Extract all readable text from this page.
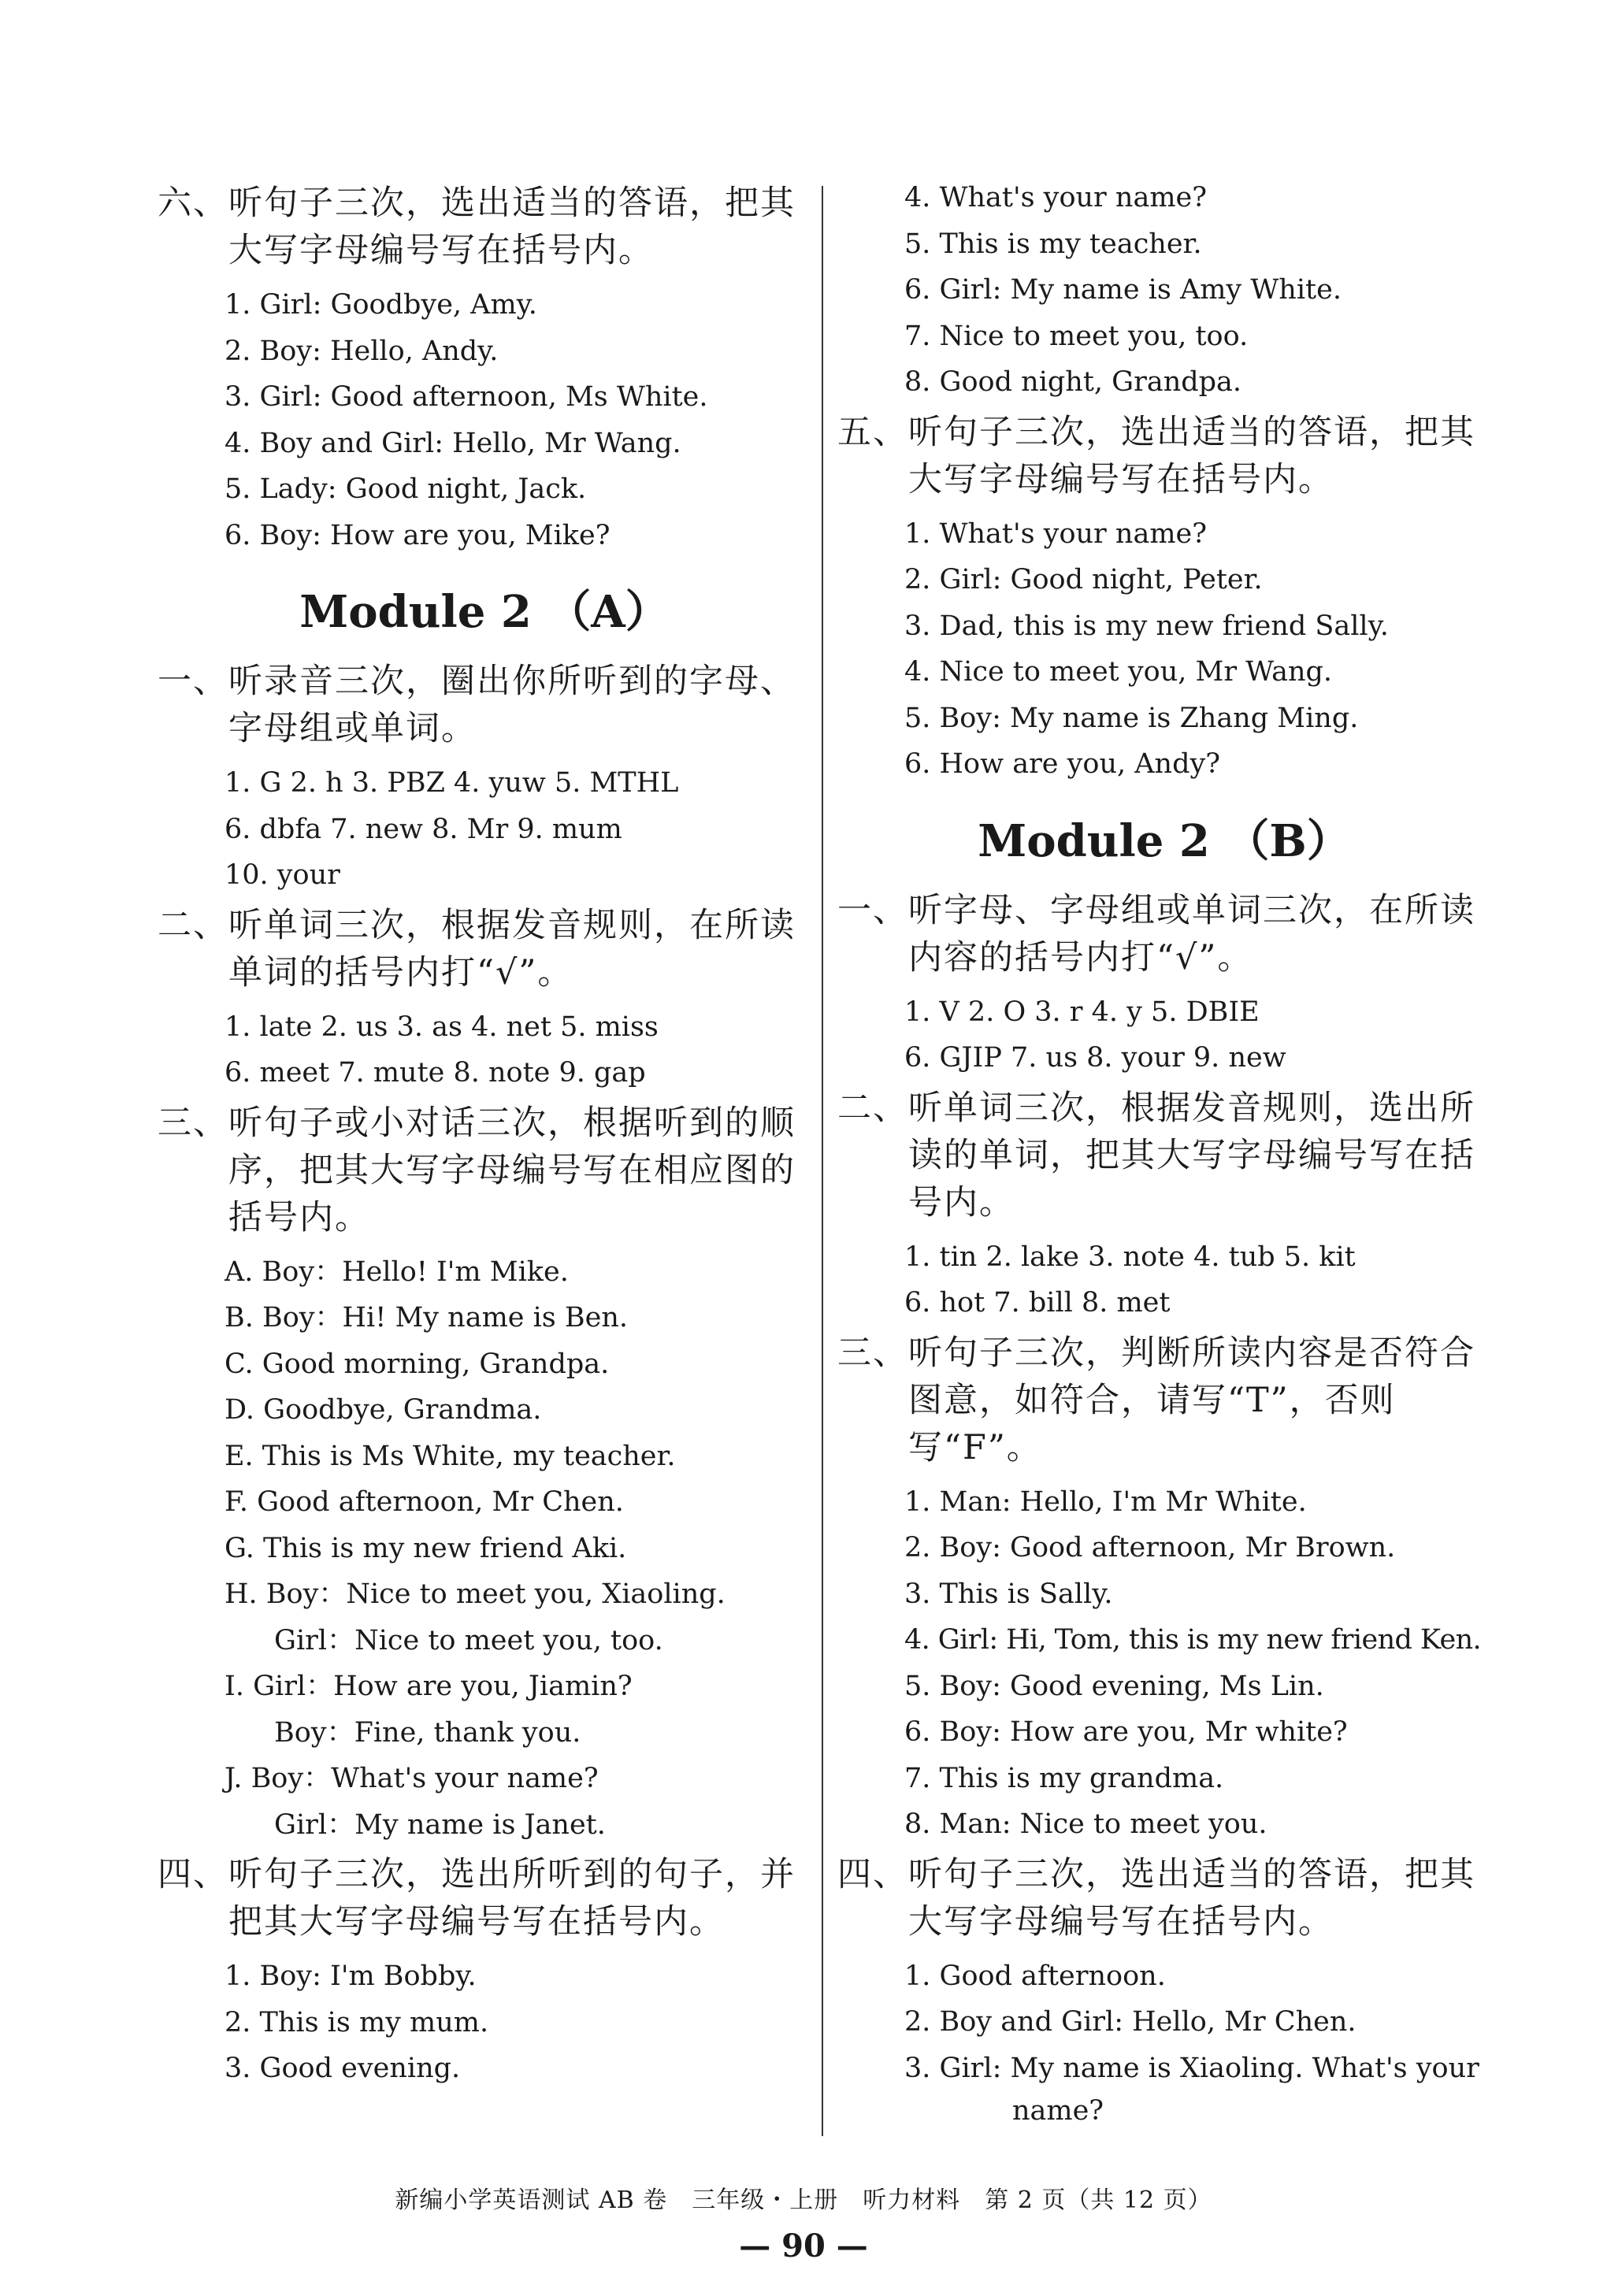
六、听句子三次，选出适当的答语，把其大写字母编号写在括号内。

1. Girl: Goodbye, Amy.
2. Boy: Hello, Andy.
3. Girl: Good afternoon, Ms White.
4. Boy and Girl: Hello, Mr Wang.
5. Lady: Good night, Jack.
6. Boy: How are you, Mike?
Module 2 （A）

一、听录音三次，圈出你所听到的字母、字母组或单词。

1. G 2. h 3. PBZ 4. yuw 5. MTHL
6. dbfa 7. new 8. Mr 9. mum
10. your

二、听单词三次，根据发音规则，在所读单词的括号内打“√”。

1. late 2. us 3. as 4. net 5. miss
6. meet 7. mute 8. note 9. gap

三、听句子或小对话三次，根据听到的顺序，把其大写字母编号写在相应图的括号内。

A. Boy：Hello! I'm Mike.
B. Boy：Hi! My name is Ben.
C. Good morning, Grandpa.
D. Goodbye, Grandma.
E. This is Ms White, my teacher.
F. Good afternoon, Mr Chen.
G. This is my new friend Aki.
H. Boy：Nice to meet you, Xiaoling.
Girl：Nice to meet you, too.
I. Girl：How are you, Jiamin?
Boy：Fine, thank you.
J. Boy：What's your name?
Girl：My name is Janet.

四、听句子三次，选出所听到的句子，并把其大写字母编号写在括号内。

1. Boy: I'm Bobby.
2. This is my mum.
3. Good evening.
4. What's your name?
5. This is my teacher.
6. Girl: My name is Amy White.
7. Nice to meet you, too.
8. Good night, Grandpa.

五、听句子三次，选出适当的答语，把其大写字母编号写在括号内。

1. What's your name?
2. Girl: Good night, Peter.
3. Dad, this is my new friend Sally.
4. Nice to meet you, Mr Wang.
5. Boy: My name is Zhang Ming.
6. How are you, Andy?
Module 2 （B）

一、听字母、字母组或单词三次，在所读内容的括号内打“√”。

1. V 2. O 3. r 4. y 5. DBIE
6. GJIP 7. us 8. your 9. new

二、听单词三次，根据发音规则，选出所读的单词，把其大写字母编号写在括号内。

1. tin 2. lake 3. note 4. tub 5. kit
6. hot 7. bill 8. met

三、听句子三次，判断所读内容是否符合图意，如符合，请写“T”，否则写“F”。

1. Man: Hello, I'm Mr White.
2. Boy: Good afternoon, Mr Brown.
3. This is Sally.
4. Girl: Hi, Tom, this is my new friend Ken.
5. Boy: Good evening, Ms Lin.
6. Boy: How are you, Mr white?
7. This is my grandma.
8. Man: Nice to meet you.

四、听句子三次，选出适当的答语，把其大写字母编号写在括号内。

1. Good afternoon.
2. Boy and Girl: Hello, Mr Chen.
3. Girl: My name is Xiaoling. What's your
name?
新编小学英语测试 AB 卷　三年级・上册　听力材料　第 2 页（共 12 页）
— 90 —
